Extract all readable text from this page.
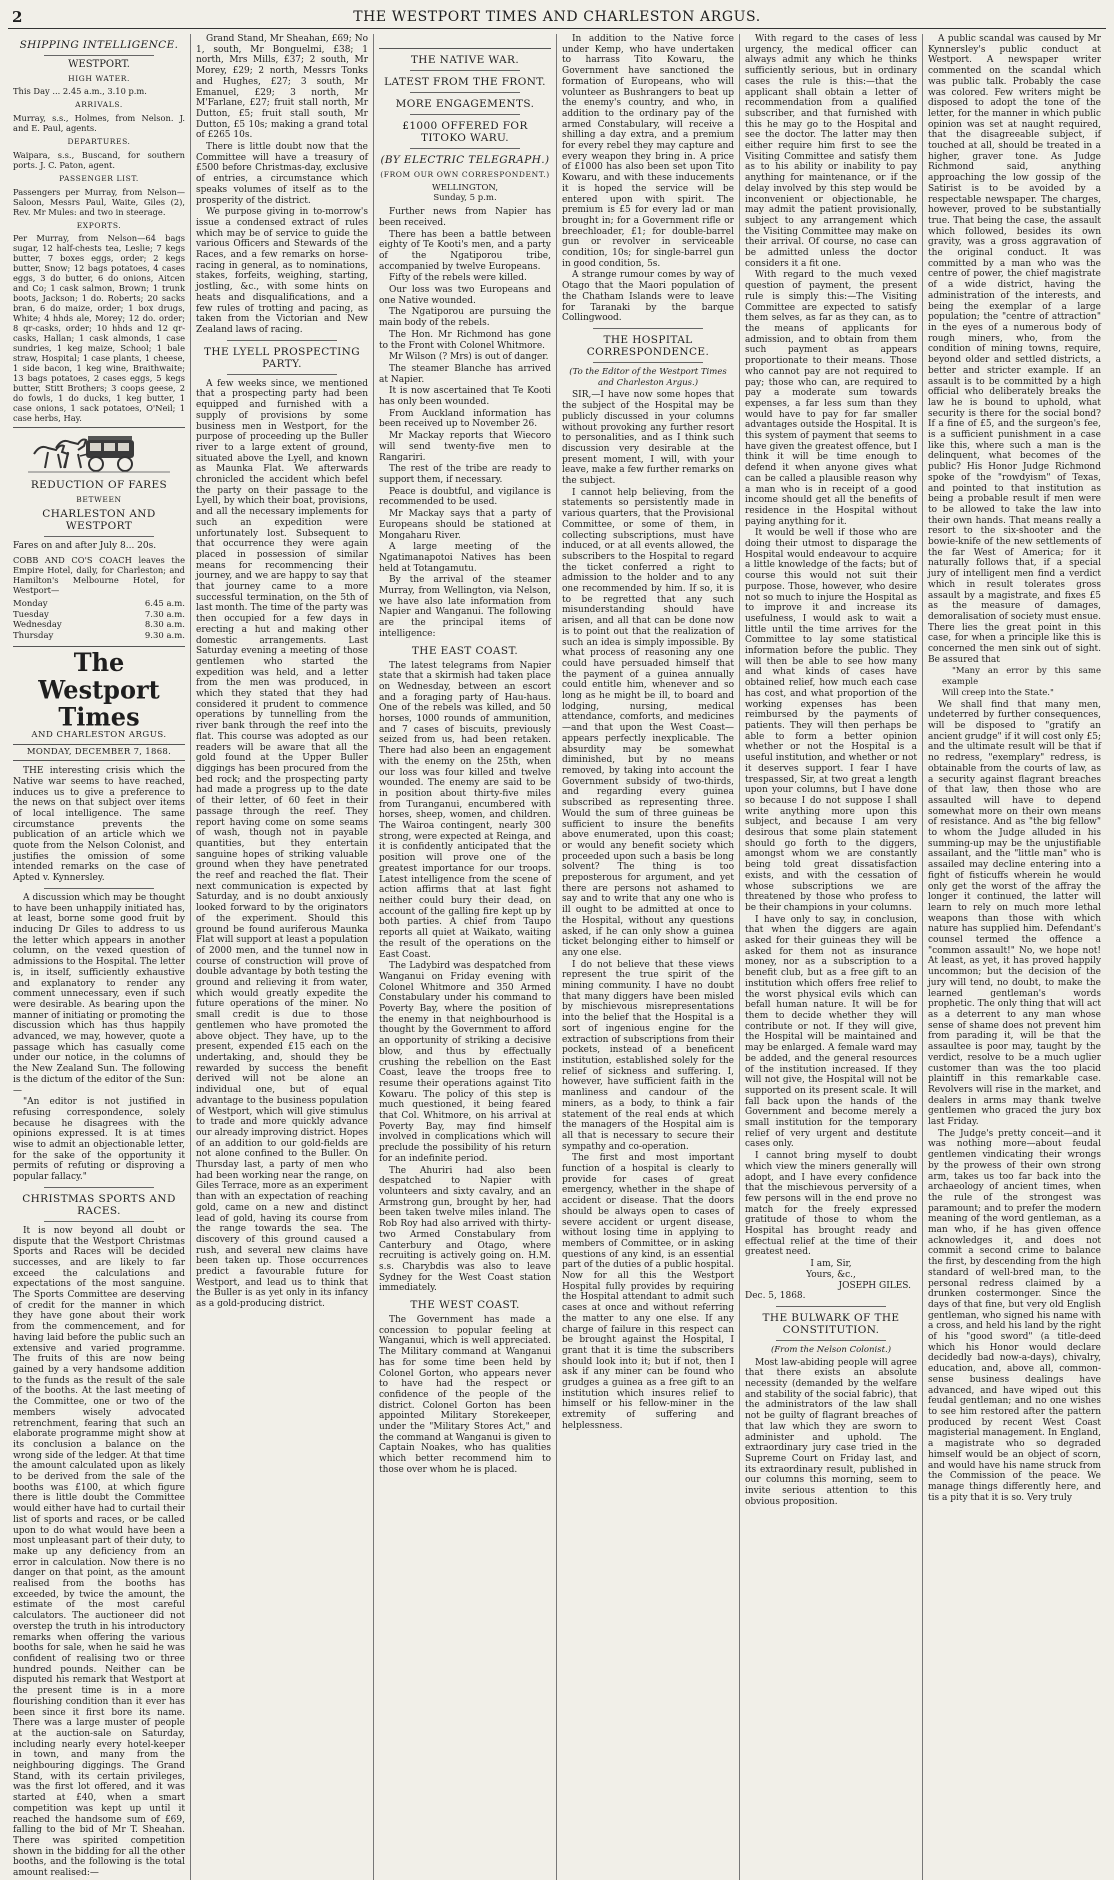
2	THE WESTPORT TIMES AND CHARLESTON ARGUS.
SHIPPING INTELLIGENCE.
WESTPORT.
HIGH WATER.
This Day ... 2.45 a.m., 3.10 p.m.
ARRIVALS.
Murray, s.s., Holmes, from Nelson. J. and E. Paul, agents.
DEPARTURES.
Waipara, s.s., Buscand, for southern ports. J. C. Paton, agent.
PASSENGER LIST.
Passengers per Murray, from Nelson—Saloon, Messrs Paul, Waite, Giles (2), Rev. Mr Mules: and two in steerage.
EXPORTS.
Per Murray, from Nelson—64 bags sugar, 12 half-chests tea, Leslie; 7 kegs butter, 7 boxes eggs, order; 2 kegs butter, Snow; 12 bags potatoes, 4 cases eggs, 3 do butter, 6 do onions, Aitcen and Co; 1 cask salmon, Brown; 1 trunk boots, Jackson; 1 do. Roberts; 20 sacks bran, 6 do maize, order; 1 box drugs, White; 4 hhds ale, Morey; 12 do. order; 8 qr-casks, order; 10 hhds and 12 qr-casks, Hallan; 1 cask almonds, 1 case sundries, 1 keg maize, School; 1 bale straw, Hospital; 1 case plants, 1 cheese, 1 side bacon, 1 keg wine, Braithwaite; 13 bags potatoes, 2 cases eggs, 5 kegs butter, Stitt Brothers; 3 coops geese, 2 do fowls, 1 do ducks, 1 keg butter, 1 case onions, 1 sack potatoes, O'Neil; 1 case herbs, Hay.
REDUCTION OF FARES
BETWEEN
CHARLESTON AND WESTPORT
Fares on and after July 8... 20s.
COBB AND CO'S COACH leaves the Empire Hotel, daily, for Charleston; and Hamilton's Melbourne Hotel, for Westport—
Monday	6.45 a.m.
Tuesday	7.30 a.m.
Wednesday	8.30 a.m.
Thursday	9.30 a.m.
The Westport Times
AND CHARLESTON ARGUS.
MONDAY, DECEMBER 7, 1868.

THE interesting crisis which the Native war seems to have reached, induces us to give a preference to the news on that subject over items of local intelligence. The same circumstance prevents the publication of an article which we quote from the Nelson Colonist, and justifies the omission of some intended remarks on the case of Apted v. Kynnersley.

A discussion which may be thought to have been unhappily initiated has, at least, borne some good fruit by inducing Dr Giles to address to us the letter which appears in another column, on the vexed question of admissions to the Hospital. The letter is, in itself, sufficiently exhaustive and explanatory to render any comment unnecessary, even if such were desirable. As bearing upon the manner of initiating or promoting the discussion which has thus happily advanced, we may, however, quote a passage which has casually come under our notice, in the columns of the New Zealand Sun. The following is the dictum of the editor of the Sun:—

"An editor is not justified in refusing correspondence, solely because he disagrees with the opinions expressed. It is at times wise to admit an objectionable letter, for the sake of the opportunity it permits of refuting or disproving a popular fallacy."

CHRISTMAS SPORTS AND RACES.

It is now beyond all doubt or dispute that the Westport Christmas Sports and Races will be decided successes, and are likely to far exceed the calculations and expectations of the most sanguine. The Sports Committee are deserving of credit for the manner in which they have gone about their work from the commencement, and for having laid before the public such an extensive and varied programme. The fruits of this are now being gained by a very handsome addition to the funds as the result of the sale of the booths. At the last meeting of the Committee, one or two of the members wisely advocated retrenchment, fearing that such an elaborate programme might show at its conclusion a balance on the wrong side of the ledger. At that time the amount calculated upon as likely to be derived from the sale of the booths was £100, at which figure there is little doubt the Committee would either have had to curtail their list of sports and races, or be called upon to do what would have been a most unpleasant part of their duty, to make up any deficiency from an error in calculation. Now there is no danger on that point, as the amount realised from the booths has exceeded, by twice the amount, the estimate of the most careful calculators. The auctioneer did not overstep the truth in his introductory remarks when offering the various booths for sale, when he said he was confident of realising two or three hundred pounds. Neither can be disputed his remark that Westport at the present time is in a more flourishing condition than it ever has been since it first bore its name. There was a large muster of people at the auction-sale on Saturday, including nearly every hotel-keeper in town, and many from the neighbouring diggings. The Grand Stand, with its certain privileges, was the first lot offered, and it was started at £40, when a smart competition was kept up until it reached the handsome sum of £69, falling to the bid of Mr T. Sheahan. There was spirited competition shown in the bidding for all the other booths, and the following is the total amount realised:—

Grand Stand, Mr Sheahan, £69; No 1, south, Mr Bonguelmi, £38; 1 north, Mrs Mills, £37; 2 south, Mr Morey, £29; 2 north, Messrs Tonks and Hughes, £27; 3 south, Mr Emanuel, £29; 3 north, Mr M'Farlane, £27; fruit stall north, Mr Dutton, £5; fruit stall south, Mr Dutton, £5 10s; making a grand total of £265 10s.

There is little doubt now that the Committee will have a treasury of £500 before Christmas-day, exclusive of entries, a circumstance which speaks volumes of itself as to the prosperity of the district.

We purpose giving in to-morrow's issue a condensed extract of rules which may be of service to guide the various Officers and Stewards of the Races, and a few remarks on horse-racing in general, as to nominations, stakes, forfeits, weighing, starting, jostling, &c., with some hints on heats and disqualifications, and a few rules of trotting and pacing, as taken from the Victorian and New Zealand laws of racing.

THE LYELL PROSPECTING PARTY.

A few weeks since, we mentioned that a prospecting party had been equipped and furnished with a supply of provisions by some business men in Westport, for the purpose of proceeding up the Buller river to a large extent of ground, situated above the Lyell, and known as Maunka Flat. We afterwards chronicled the accident which befel the party on their passage to the Lyell, by which their boat, provisions, and all the necessary implements for such an expedition were unfortunately lost. Subsequent to that occurrence they were again placed in possession of similar means for recommencing their journey, and we are happy to say that that journey came to a more successful termination, on the 5th of last month. The time of the party was then occupied for a few days in erecting a hut and making other domestic arrangements. Last Saturday evening a meeting of those gentlemen who started the expedition was held, and a letter from the men was produced, in which they stated that they had considered it prudent to commence operations by tunnelling from the river bank through the reef into the flat. This course was adopted as our readers will be aware that all the gold found at the Upper Buller diggings has been procured from the bed rock; and the prospecting party had made a progress up to the date of their letter, of 60 feet in their passage through the reef. They report having come on some seams of wash, though not in payable quantities, but they entertain sanguine hopes of striking valuable ground when they have penetrated the reef and reached the flat. Their next communication is expected by Saturday, and is no doubt anxiously looked forward to by the originators of the experiment. Should this ground be found auriferous Maunka Flat will support at least a population of 2000 men, and the tunnel now in course of construction will prove of double advantage by both testing the ground and relieving it from water, which would greatly expedite the future operations of the miner. No small credit is due to those gentlemen who have promoted the above object. They have, up to the present, expended £15 each on the undertaking, and, should they be rewarded by success the benefit derived will not be alone an individual one, but of equal advantage to the business population of Westport, which will give stimulus to trade and more quickly advance our already improving district. Hopes of an addition to our gold-fields are not alone confined to the Buller. On Thursday last, a party of men who had been working near the range, on Giles Terrace, more as an experiment than with an expectation of reaching gold, came on a new and distinct lead of gold, having its course from the range towards the sea. The discovery of this ground caused a rush, and several new claims have been taken up. Those occurrences predict a favourable future for Westport, and lead us to think that the Buller is as yet only in its infancy as a gold-producing district.

THE NATIVE WAR.
LATEST FROM THE FRONT.
MORE ENGAGEMENTS.
£1000 OFFERED FOR TITOKO WARU.
(BY ELECTRIC TELEGRAPH.)
(FROM OUR OWN CORRESPONDENT.)
WELLINGTON,
Sunday, 5 p.m.

Further news from Napier has been received.

There has been a battle between eighty of Te Kooti's men, and a party of the Ngatiporou tribe, accompanied by twelve Europeans.

Fifty of the rebels were killed.

Our loss was two Europeans and one Native wounded.

The Ngatiporou are pursuing the main body of the rebels.

The Hon. Mr Richmond has gone to the Front with Colonel Whitmore.

Mr Wilson (? Mrs) is out of danger.

The steamer Blanche has arrived at Napier.

It is now ascertained that Te Kooti has only been wounded.

From Auckland information has been received up to November 26.

Mr Mackay reports that Wiecoro will send twenty-five men to Rangariri.

The rest of the tribe are ready to support them, if necessary.

Peace is doubtful, and vigilance is recommended to be used.

Mr Mackay says that a party of Europeans should be stationed at Mongaharu River.

A large meeting of the Ngatimanapotoi Natives has been held at Totangamutu.

By the arrival of the steamer Murray, from Wellington, via Nelson, we have also late information from Napier and Wanganui. The following are the principal items of intelligence:

THE EAST COAST.

The latest telegrams from Napier state that a skirmish had taken place on Wednesday, between an escort and a foraging party of Hau-haus. One of the rebels was killed, and 50 horses, 1000 rounds of ammunition, and 7 cases of biscuits, previously seized from us, had been retaken. There had also been an engagement with the enemy on the 25th, when our loss was four killed and twelve wounded. The enemy are said to be in position about thirty-five miles from Turanganui, encumbered with horses, sheep, women, and children. The Wairoa contingent, nearly 300 strong, were expected at Reinga, and it is confidently anticipated that the position will prove one of the greatest importance for our troops. Latest intelligence from the scene of action affirms that at last fight neither could bury their dead, on account of the galling fire kept up by both parties. A chief from Taupo reports all quiet at Waikato, waiting the result of the operations on the East Coast.

The Ladybird was despatched from Wanganui on Friday evening with Colonel Whitmore and 350 Armed Constabulary under his command to Poverty Bay, where the position of the enemy in that neighbourhood is thought by the Government to afford an opportunity of striking a decisive blow, and thus by effectually crushing the rebellion on the East Coast, leave the troops free to resume their operations against Tito Kowaru. The policy of this step is much questioned, it being feared that Col. Whitmore, on his arrival at Poverty Bay, may find himself involved in complications which will preclude the possibility of his return for an indefinite period.

The Ahuriri had also been despatched to Napier with volunteers and sixty cavalry, and an Armstrong gun, brought by her, had been taken twelve miles inland. The Rob Roy had also arrived with thirty-two Armed Constabulary from Canterbury and Otago, where recruiting is actively going on. H.M. s.s. Charybdis was also to leave Sydney for the West Coast station immediately.

THE WEST COAST.

The Government has made a concession to popular feeling at Wanganui, which is well appreciated. The Military command at Wanganui has for some time been held by Colonel Gorton, who appears never to have had the respect or confidence of the people of the district. Colonel Gorton has been appointed Military Storekeeper, under the "Military Stores Act," and the command at Wanganui is given to Captain Noakes, who has qualities which better recommend him to those over whom he is placed.

In addition to the Native force under Kemp, who have undertaken to harrass Tito Kowaru, the Government have sanctioned the formation of Europeans, who will volunteer as Bushrangers to beat up the enemy's country, and who, in addition to the ordinary pay of the armed Constabulary, will receive a shilling a day extra, and a premium for every rebel they may capture and every weapon they bring in. A price of £1000 has also been set upon Tito Kowaru, and with these inducements it is hoped the service will be entered upon with spirit. The premium is £5 for every lad or man brought in; for a Government rifle or breechloader, £1; for double-barrel gun or revolver in serviceable condition, 10s; for single-barrel gun in good condition, 5s.

A strange rumour comes by way of Otago that the Maori population of the Chatham Islands were to leave for Taranaki by the barque Collingwood.

THE HOSPITAL CORRESPONDENCE.
(To the Editor of the Westport Times and Charleston Argus.)

SIR,—I have now some hopes that the subject of the Hospital may be publicly discussed in your columns without provoking any further resort to personalities, and as I think such discussion very desirable at the present moment, I will, with your leave, make a few further remarks on the subject.

I cannot help believing, from the statements so persistently made in various quarters, that the Provisional Committee, or some of them, in collecting subscriptions, must have induced, or at all events allowed, the subscribers to the Hospital to regard the ticket conferred a right to admission to the holder and to any one recommended by him. If so, it is to be regretted that any such misunderstanding should have arisen, and all that can be done now is to point out that the realization of such an idea is simply impossible. By what process of reasoning any one could have persuaded himself that the payment of a guinea annually could entitle him, whenever and so long as he might be ill, to board and lodging, nursing, medical attendance, comforts, and medicines—and that upon the West Coast—appears perfectly inexplicable. The absurdity may be somewhat diminished, but by no means removed, by taking into account the Government subsidy of two-thirds, and regarding every guinea subscribed as representing three. Would the sum of three guineas be sufficient to insure the benefits above enumerated, upon this coast; or would any benefit society which proceeded upon such a basis be long solvent? The thing is too preposterous for argument, and yet there are persons not ashamed to say and to write that any one who is ill ought to be admitted at once to the Hospital, without any questions asked, if he can only show a guinea ticket belonging either to himself or any one else.

I do not believe that these views represent the true spirit of the mining community. I have no doubt that many diggers have been misled by mischievous misrepresentations into the belief that the Hospital is a sort of ingenious engine for the extraction of subscriptions from their pockets, instead of a beneficent institution, established solely for the relief of sickness and suffering. I, however, have sufficient faith in the manliness and candour of the miners, as a body, to think a fair statement of the real ends at which the managers of the Hospital aim is all that is necessary to secure their sympathy and co-operation.

The first and most important function of a hospital is clearly to provide for cases of great emergency, whether in the shape of accident or disease. That the doors should be always open to cases of severe accident or urgent disease, without losing time in applying to members of Committee, or in asking questions of any kind, is an essential part of the duties of a public hospital. Now for all this the Westport Hospital fully provides by requiring the Hospital attendant to admit such cases at once and without referring the matter to any one else. If any charge of failure in this respect can be brought against the Hospital, I grant that it is time the subscribers should look into it; but if not, then I ask if any miner can be found who grudges a guinea as a free gift to an institution which insures relief to himself or his fellow-miner in the extremity of suffering and helplessness.

With regard to the cases of less urgency, the medical officer can always admit any which he thinks sufficiently serious, but in ordinary cases the rule is this:—that the applicant shall obtain a letter of recommendation from a qualified subscriber, and that furnished with this he may go to the Hospital and see the doctor. The latter may then either require him first to see the Visiting Committee and satisfy them as to his ability or inability to pay anything for maintenance, or if the delay involved by this step would be inconvenient or objectionable, he may admit the patient provisionally, subject to any arrangement which the Visiting Committee may make on their arrival. Of course, no case can be admitted unless the doctor considers it a fit one.

With regard to the much vexed question of payment, the present rule is simply this:—The Visiting Committee are expected to satisfy them selves, as far as they can, as to the means of applicants for admission, and to obtain from them such payment as appears proportionate to their means. Those who cannot pay are not required to pay; those who can, are required to pay a moderate sum towards expenses, a far less sum than they would have to pay for far smaller advantages outside the Hospital. It is this system of payment that seems to have given the greatest offence, but I think it will be time enough to defend it when anyone gives what can be called a plausible reason why a man who is in receipt of a good income should get all the benefits of residence in the Hospital without paying anything for it.

It would be well if those who are doing their utmost to disparage the Hospital would endeavour to acquire a little knowledge of the facts; but of course this would not suit their purpose. Those, however, who desire not so much to injure the Hospital as to improve it and increase its usefulness, I would ask to wait a little until the time arrives for the Committee to lay some statistical information before the public. They will then be able to see how many and what kinds of cases have obtained relief, how much each case has cost, and what proportion of the working expenses has been reimbursed by the payments of patients. They will then perhaps be able to form a better opinion whether or not the Hospital is a useful institution, and whether or not it deserves support. I fear I have trespassed, Sir, at two great a length upon your columns, but I have done so because I do not suppose I shall write anything more upon this subject, and because I am very desirous that some plain statement should go forth to the diggers, amongst whom we are constantly being told great dissatisfaction exists, and with the cessation of whose subscriptions we are threatened by those who profess to be their champions in your columns.

I have only to say, in conclusion, that when the diggers are again asked for their guineas they will be asked for them not as insurance money, nor as a subscription to a benefit club, but as a free gift to an institution which offers free relief to the worst physical evils which can befall human nature. It will be for them to decide whether they will contribute or not. If they will give, the Hospital will be maintained and may be enlarged. A female ward may be added, and the general resources of the institution increased. If they will not give, the Hospital will not be supported on its present scale. It will fall back upon the hands of the Government and become merely a small institution for the temporary relief of very urgent and destitute cases only.

I cannot bring myself to doubt which view the miners generally will adopt, and I have every confidence that the mischievous perversity of a few persons will in the end prove no match for the freely expressed gratitude of those to whom the Hospital has brought ready and effectual relief at the time of their greatest need.

I am, Sir,
Yours, &c.,
JOSEPH GILES.
Dec. 5, 1868.
THE BULWARK OF THE CONSTITUTION.
(From the Nelson Colonist.)

Most law-abiding people will agree that there exists an absolute necessity (demanded by the welfare and stability of the social fabric), that the administrators of the law shall not be guilty of flagrant breaches of that law which they are sworn to administer and uphold. The extraordinary jury case tried in the Supreme Court on Friday last, and its extraordinary result, published in our columns this morning, seem to invite serious attention to this obvious proposition.

A public scandal was caused by Mr Kynnersley's public conduct at Westport. A newspaper writer commented on the scandal which was public talk. Probably the case was colored. Few writers might be disposed to adopt the tone of the letter, for the manner in which public opinion was set at naught required, that the disagreeable subject, if touched at all, should be treated in a higher, graver tone. As Judge Richmond said, anything approaching the low gossip of the Satirist is to be avoided by a respectable newspaper. The charges, however, proved to be substantially true. That being the case, the assault which followed, besides its own gravity, was a gross aggravation of the original conduct. It was committed by a man who was the centre of power, the chief magistrate of a wide district, having the administration of the interests, and being the exemplar of a large population; the "centre of attraction" in the eyes of a numerous body of rough miners, who, from the condition of mining towns, require, beyond older and settled districts, a better and stricter example. If an assault is to be committed by a high official who deliberately breaks the law he is bound to uphold, what security is there for the social bond? If a fine of £5, and the surgeon's fee, is a sufficient punishment in a case like this, where such a man is the delinquent, what becomes of the public? His Honor Judge Richmond spoke of the "rowdyism" of Texas, and pointed to that institution as being a probable result if men were to be allowed to take the law into their own hands. That means really a resort to the six-shooter and the bowie-knife of the new settlements of the far West of America; for it naturally follows that, if a special jury of intelligent men find a verdict which in result tolerates gross assault by a magistrate, and fixes £5 as the measure of damages, demoralisation of society must ensue. There lies the great point in this case, for when a principle like this is concerned the men sink out of sight. Be assured that

"Many an error by this same example
Will creep into the State."

We shall find that many men, undeterred by further consequences, will be disposed to "gratify an ancient grudge" if it will cost only £5; and the ultimate result will be that if no redress, "exemplary" redress, is obtainable from the courts of law, as a security against flagrant breaches of that law, then those who are assaulted will have to depend somewhat more on their own means of resistance. And as "the big fellow" to whom the Judge alluded in his summing-up may be the unjustifiable assailant, and the "little man" who is assailed may decline entering into a fight of fisticuffs wherein he would only get the worst of the affray the longer it continued, the latter will learn to rely on much more lethal weapons than those with which nature has supplied him. Defendant's counsel termed the offence a "common assault!" No, we hope not! At least, as yet, it has proved happily uncommon; but the decision of the jury will tend, no doubt, to make the learned gentleman's words prophetic. The only thing that will act as a deterrent to any man whose sense of shame does not prevent him from parading it, will be that the assaultee is poor may, taught by the verdict, resolve to be a much uglier customer than was the too placid plaintiff in this remarkable case. Revolvers will rise in the market, and dealers in arms may thank twelve gentlemen who graced the jury box last Friday.

The Judge's pretty conceit—and it was nothing more—about feudal gentlemen vindicating their wrongs by the prowess of their own strong arm, takes us too far back into the archaeology of ancient times, when the rule of the strongest was paramount; and to prefer the modern meaning of the word gentleman, as a man who, if he has given offence acknowledges it, and does not commit a second crime to balance the first, by descending from the high standard of well-bred man, to the personal redress claimed by a drunken costermonger. Since the days of that fine, but very old English gentleman, who signed his name with a cross, and held his land by the right of his "good sword" (a title-deed which his Honor would declare decidedly bad now-a-days), chivalry, education, and, above all, common-sense business dealings have advanced, and have wiped out this feudal gentleman; and no one wishes to see him restored after the pattern produced by recent West Coast magisterial management. In England, a magistrate who so degraded himself would be an object of scorn, and would have his name struck from the Commission of the peace. We manage things differently here, and tis a pity that it is so. Very truly
